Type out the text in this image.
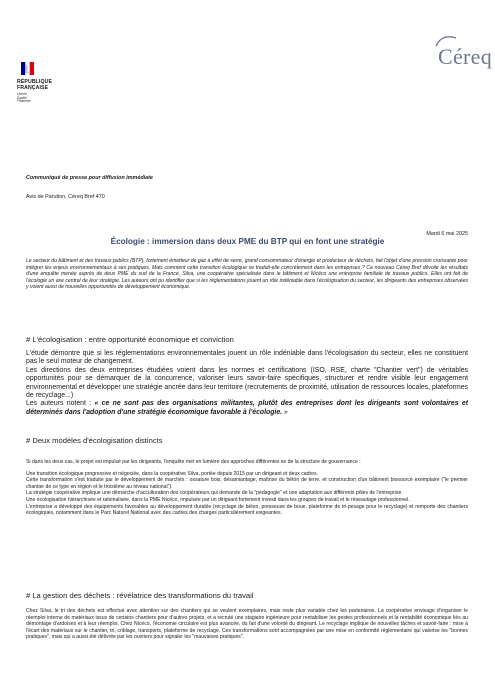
RÉPUBLIQUE
FRANÇAISE
Liberté
Égalité
Fraternité
Céreq
Communiqué de presse pour diffusion immédiate
Avis de Parution, Céreq Bref 470
Mardi 6 mai 2025
Écologie : immersion dans deux PME du BTP qui en font une stratégie

Le secteur du bâtiment et des travaux publics (BTP), fortement émetteur de gaz à effet de serre, grand consommateur d'énergie et producteur de déchets, fait l'objet d'une pression croissante pour intégrer les enjeux environnementaux à ses pratiques. Mais comment cette transition écologique se traduit-elle concrètement dans les entreprises ? Ce nouveau Céreq Bref dévoile les résultats d'une enquête menée auprès de deux PME du sud de la France, Silva, une coopérative spécialisée dans le bâtiment et Nicéco une entreprise familiale de travaux publics. Elles ont fait de l'écologie un axe central de leur stratégie. Les auteurs ont pu identifier que si les réglementations jouent un rôle indéniable dans l'écologisation du secteur, les dirigeants des entreprises observées y voient aussi de nouvelles opportunités de développement économique.

# L'écologisation : entre opportunité économique et conviction

L'étude démontre que si les réglementations environnementales jouent un rôle indéniable dans l'écologisation du secteur, elles ne constituent pas le seul moteur de changement.

Les directions des deux entreprises étudiées voient dans les normes et certifications (ISO, RSE, charte "Chantier vert") de véritables opportunités pour se démarquer de la concurrence, valoriser leurs savoir-faire spécifiques, structurer et rendre visible leur engagement environnemental et développer une stratégie ancrée dans leur territoire (recrutements de proximité, utilisation de ressources locales, plateformes de recyclage...)

Les auteurs notent : « ce ne sont pas des organisations militantes, plutôt des entreprises dont les dirigeants sont volontaires et déterminés dans l'adoption d'une stratégie économique favorable à l'écologie. »

# Deux modèles d'écologisation distincts

Si dans les deux cas, le projet est impulsé par les dirigeants, l'enquête met en lumière des approches différentes se de la structure de gouvernance :

Une transition écologique progressive et négociée, dans la coopérative Silva, portée depuis 2015 par un dirigeant et deux cadres.

Cette transformation s'est traduite par le développement de marchés : ossature bois, désamiantage, maîtrise du béton de terre, et construction d'un bâtiment biosourcé exemplaire ("le premier chantier de ce type en région et le troisième au niveau national").

La stratégie coopérative implique une démarche d'acculturation des coopérateurs qui demande de la "pédagogie" et une adaptation aux différents pôles de l'entreprise.

Une écologisation hiérarchisée et rationalisée, dans la PME Nicéco, impulsée par un dirigeant fortement investi dans les groupes de travail et le réseautage professionnel.

L'entreprise a développé des équipements favorables au développement durable (recyclage de béton, presseuse de boue, plateforme de tri-pesage pour le recyclage) et remporte des chantiers écologiques, notamment dans le Parc Naturel National avec des cadres des charges particulièrement exigeantes.

# La gestion des déchets : révélatrice des transformations du travail

Chez Silva, le tri des déchets est effectué avec attention sur des chantiers qui se veulent exemplaires, mais reste plus variable chez les partenaires. La coopérative envisage d'organiser le réemploi interne de matériaux issus de certains chantiers pour d'autres projets, et a recruté une stagiaire ingénieure pour rentabiliser les gestes professionnels et la rentabilité économique liés au démontage d'ardoises et à leur réemploi. Chez Nicéco, l'économie circulaire est plus avancée, du fait d'une volonté du dirigeant. Le recyclage implique de nouvelles tâches et savoir-faire : mise à l'écart des matériaux sur le chantier, tri, criblage, transports, plateforme de recyclage. Ces transformations sont accompagnées par une mise en conformité réglementaire qui valorise les "bonnes pratiques", mais qui a aussi été délivrée par les ouvriers pour signaler les "mauvaises pratiques".
